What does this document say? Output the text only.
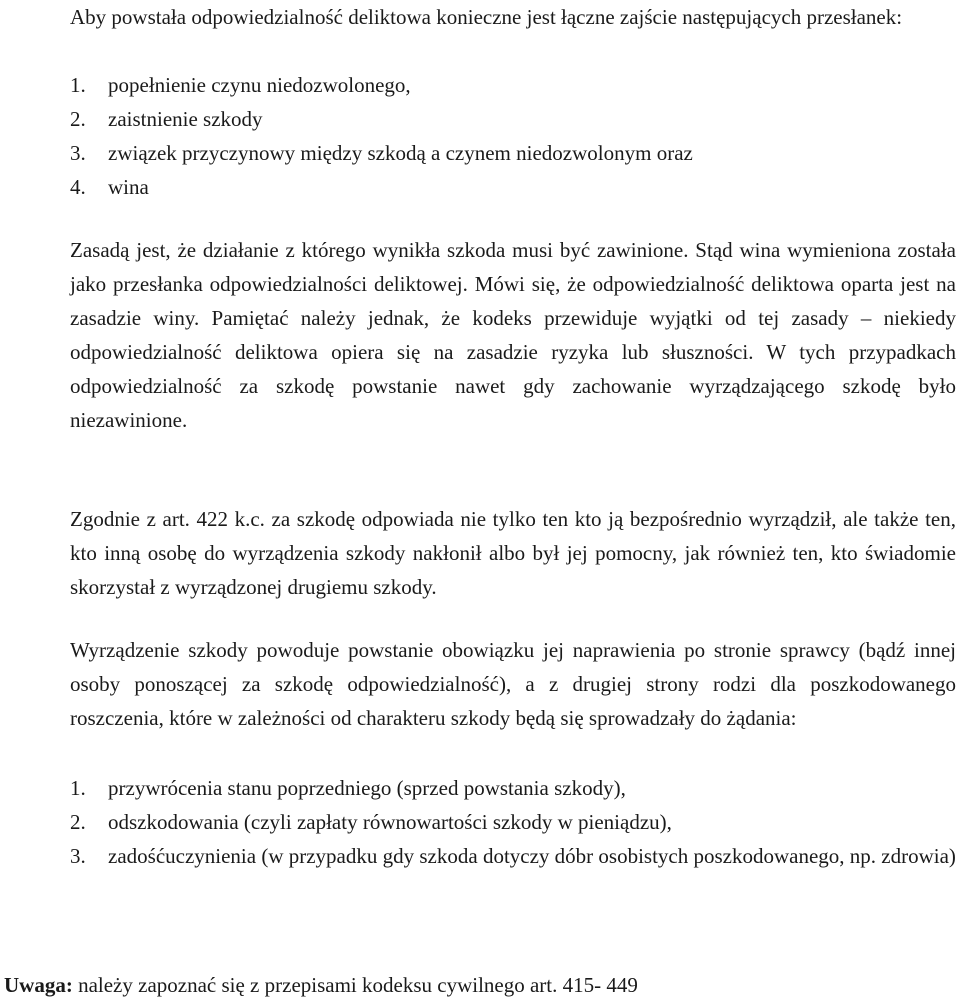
Aby powstała odpowiedzialność deliktowa konieczne jest łączne zajście następujących przesłanek:

1.	popełnienie czynu niedozwolonego,
2.	zaistnienie szkody
3.	związek przyczynowy między szkodą a czynem niedozwolonym oraz
4.	wina

Zasadą jest, że działanie z którego wynikła szkoda musi być zawinione. Stąd wina wymieniona została jako przesłanka odpowiedzialności deliktowej. Mówi się, że odpowiedzialność deliktowa oparta jest na zasadzie winy. Pamiętać należy jednak, że kodeks przewiduje wyjątki od tej zasady – niekiedy odpowiedzialność deliktowa opiera się na zasadzie ryzyka lub słuszności. W tych przypadkach odpowiedzialność za szkodę powstanie nawet gdy zachowanie wyrządzającego szkodę było niezawinione.

Zgodnie z art. 422 k.c. za szkodę odpowiada nie tylko ten kto ją bezpośrednio wyrządził, ale także ten, kto inną osobę do wyrządzenia szkody nakłonił albo był jej pomocny, jak również ten, kto świadomie skorzystał z wyrządzonej drugiemu szkody.

Wyrządzenie szkody powoduje powstanie obowiązku jej naprawienia po stronie sprawcy (bądź innej osoby ponoszącej za szkodę odpowiedzialność), a z drugiej strony rodzi dla poszkodowanego roszczenia, które w zależności od charakteru szkody będą się sprowadzały do żądania:

1.	przywrócenia stanu poprzedniego (sprzed powstania szkody),
2.	odszkodowania (czyli zapłaty równowartości szkody w pieniądzu),
3.	zadośćuczynienia (w przypadku gdy szkoda dotyczy dóbr osobistych poszkodowanego, np. zdrowia)

Uwaga: należy zapoznać się z przepisami kodeksu cywilnego art. 415- 449
